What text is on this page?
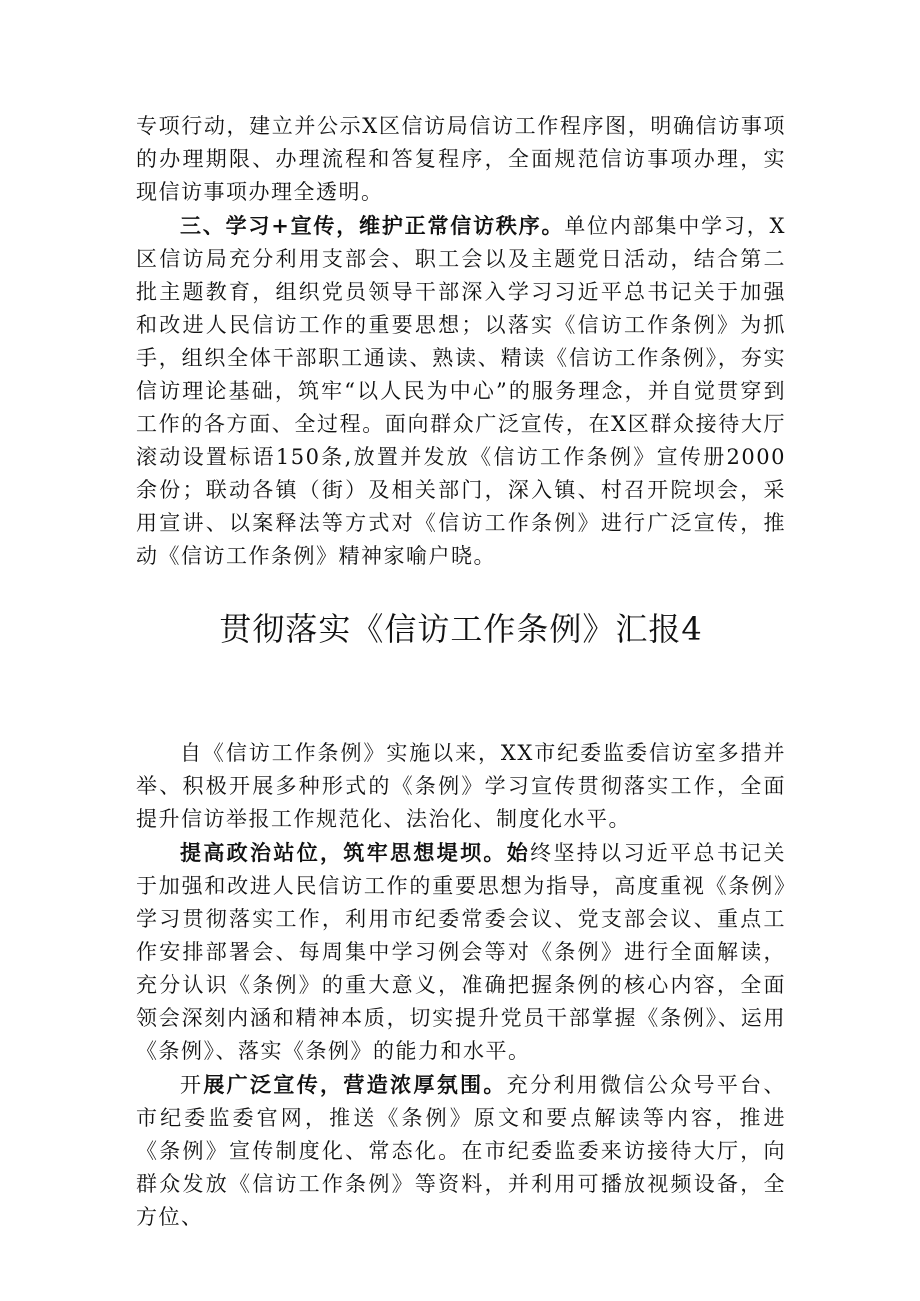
专项行动，建立并公示X区信访局信访工作程序图，明确信访事项的办理期限、办理流程和答复程序，全面规范信访事项办理，实现信访事项办理全透明。

三、学习+宣传，维护正常信访秩序。单位内部集中学习，X区信访局充分利用支部会、职工会以及主题党日活动，结合第二批主题教育，组织党员领导干部深入学习习近平总书记关于加强和改进人民信访工作的重要思想；以落实《信访工作条例》为抓手，组织全体干部职工通读、熟读、精读《信访工作条例》，夯实信访理论基础，筑牢“以人民为中心”的服务理念，并自觉贯穿到工作的各方面、全过程。面向群众广泛宣传，在X区群众接待大厅滚动设置标语150条,放置并发放《信访工作条例》宣传册2000余份；联动各镇（街）及相关部门，深入镇、村召开院坝会，采用宣讲、以案释法等方式对《信访工作条例》进行广泛宣传，推动《信访工作条例》精神家喻户晓。

贯彻落实《信访工作条例》汇报4

自《信访工作条例》实施以来，XX市纪委监委信访室多措并举、积极开展多种形式的《条例》学习宣传贯彻落实工作，全面提升信访举报工作规范化、法治化、制度化水平。

提高政治站位，筑牢思想堤坝。始终坚持以习近平总书记关于加强和改进人民信访工作的重要思想为指导，高度重视《条例》学习贯彻落实工作，利用市纪委常委会议、党支部会议、重点工作安排部署会、每周集中学习例会等对《条例》进行全面解读，充分认识《条例》的重大意义，准确把握条例的核心内容，全面领会深刻内涵和精神本质，切实提升党员干部掌握《条例》、运用《条例》、落实《条例》的能力和水平。

开展广泛宣传，营造浓厚氛围。充分利用微信公众号平台、市纪委监委官网，推送《条例》原文和要点解读等内容，推进《条例》宣传制度化、常态化。在市纪委监委来访接待大厅，向群众发放《信访工作条例》等资料，并利用可播放视频设备，全方位、
